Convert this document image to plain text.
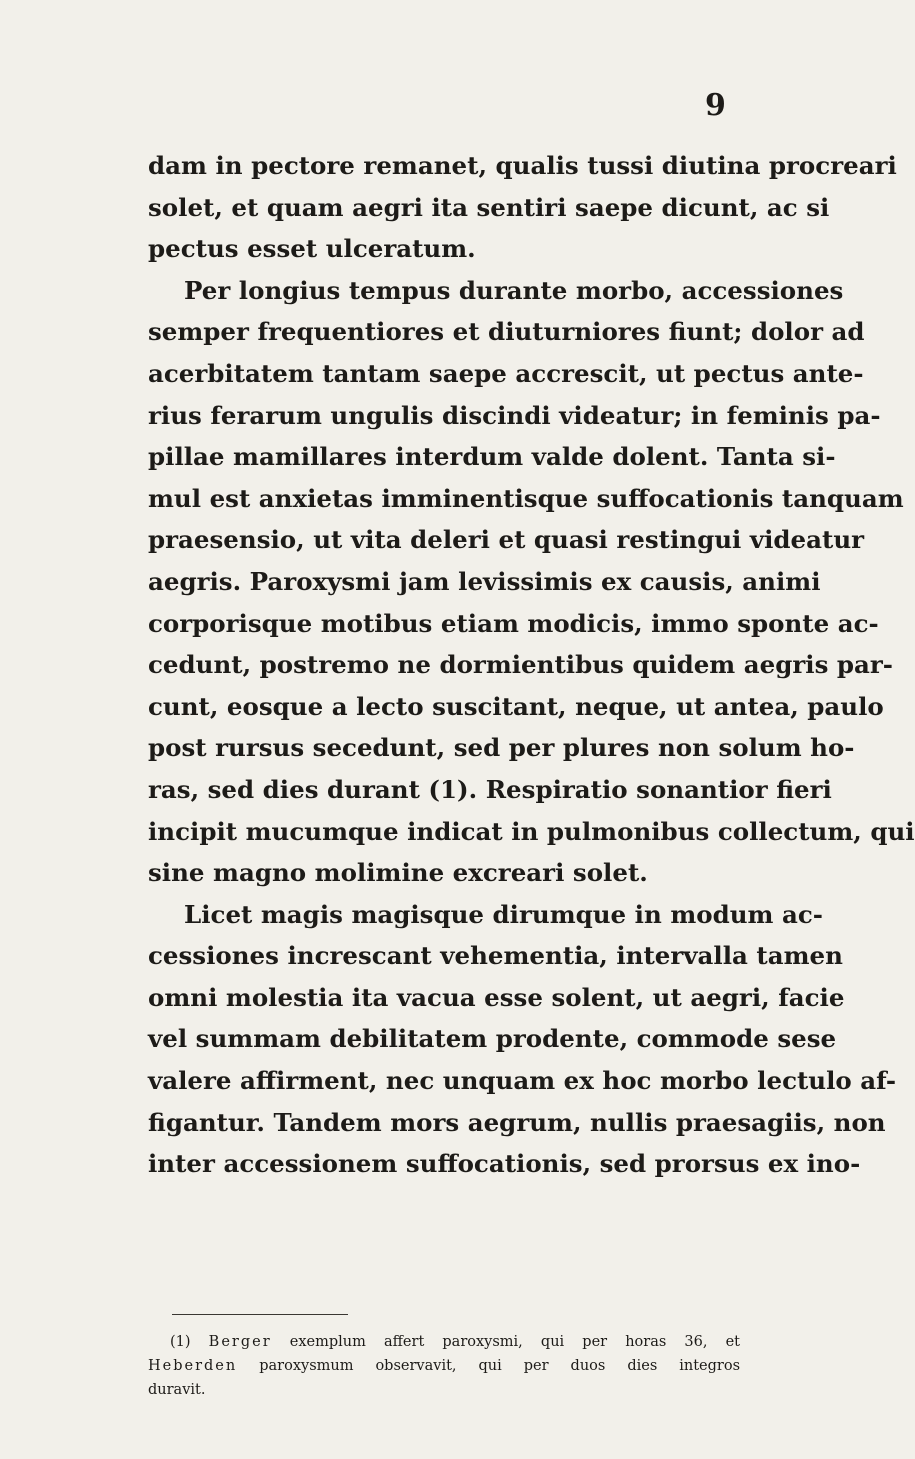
9
dam in pectore remanet, qualis tussi diutina procreari
solet, et quam aegri ita sentiri saepe dicunt, ac si
pectus esset ulceratum.
Per longius tempus durante morbo, accessiones
semper frequentiores et diuturniores fiunt; dolor ad
acerbitatem tantam saepe accrescit, ut pectus ante-
rius ferarum ungulis discindi videatur; in feminis pa-
pillae mamillares interdum valde dolent. Tanta si-
mul est anxietas imminentisque suffocationis tanquam
praesensio, ut vita deleri et quasi restingui videatur
aegris. Paroxysmi jam levissimis ex causis, animi
corporisque motibus etiam modicis, immo sponte ac-
cedunt, postremo ne dormientibus quidem aegris par-
cunt, eosque a lecto suscitant, neque, ut antea, paulo
post rursus secedunt, sed per plures non solum ho-
ras, sed dies durant (1). Respiratio sonantior fieri
incipit mucumque indicat in pulmonibus collectum, qui
sine magno molimine excreari solet.
Licet magis magisque dirumque in modum ac-
cessiones increscant vehementia, intervalla tamen
omni molestia ita vacua esse solent, ut aegri, facie
vel summam debilitatem prodente, commode sese
valere affirment, nec unquam ex hoc morbo lectulo af-
figantur. Tandem mors aegrum, nullis praesagiis, non
inter accessionem suffocationis, sed prorsus ex ino-
(1) Berger exemplum affert paroxysmi, qui per horas 36, et
Heberden paroxysmum observavit, qui per duos dies integros
duravit.
